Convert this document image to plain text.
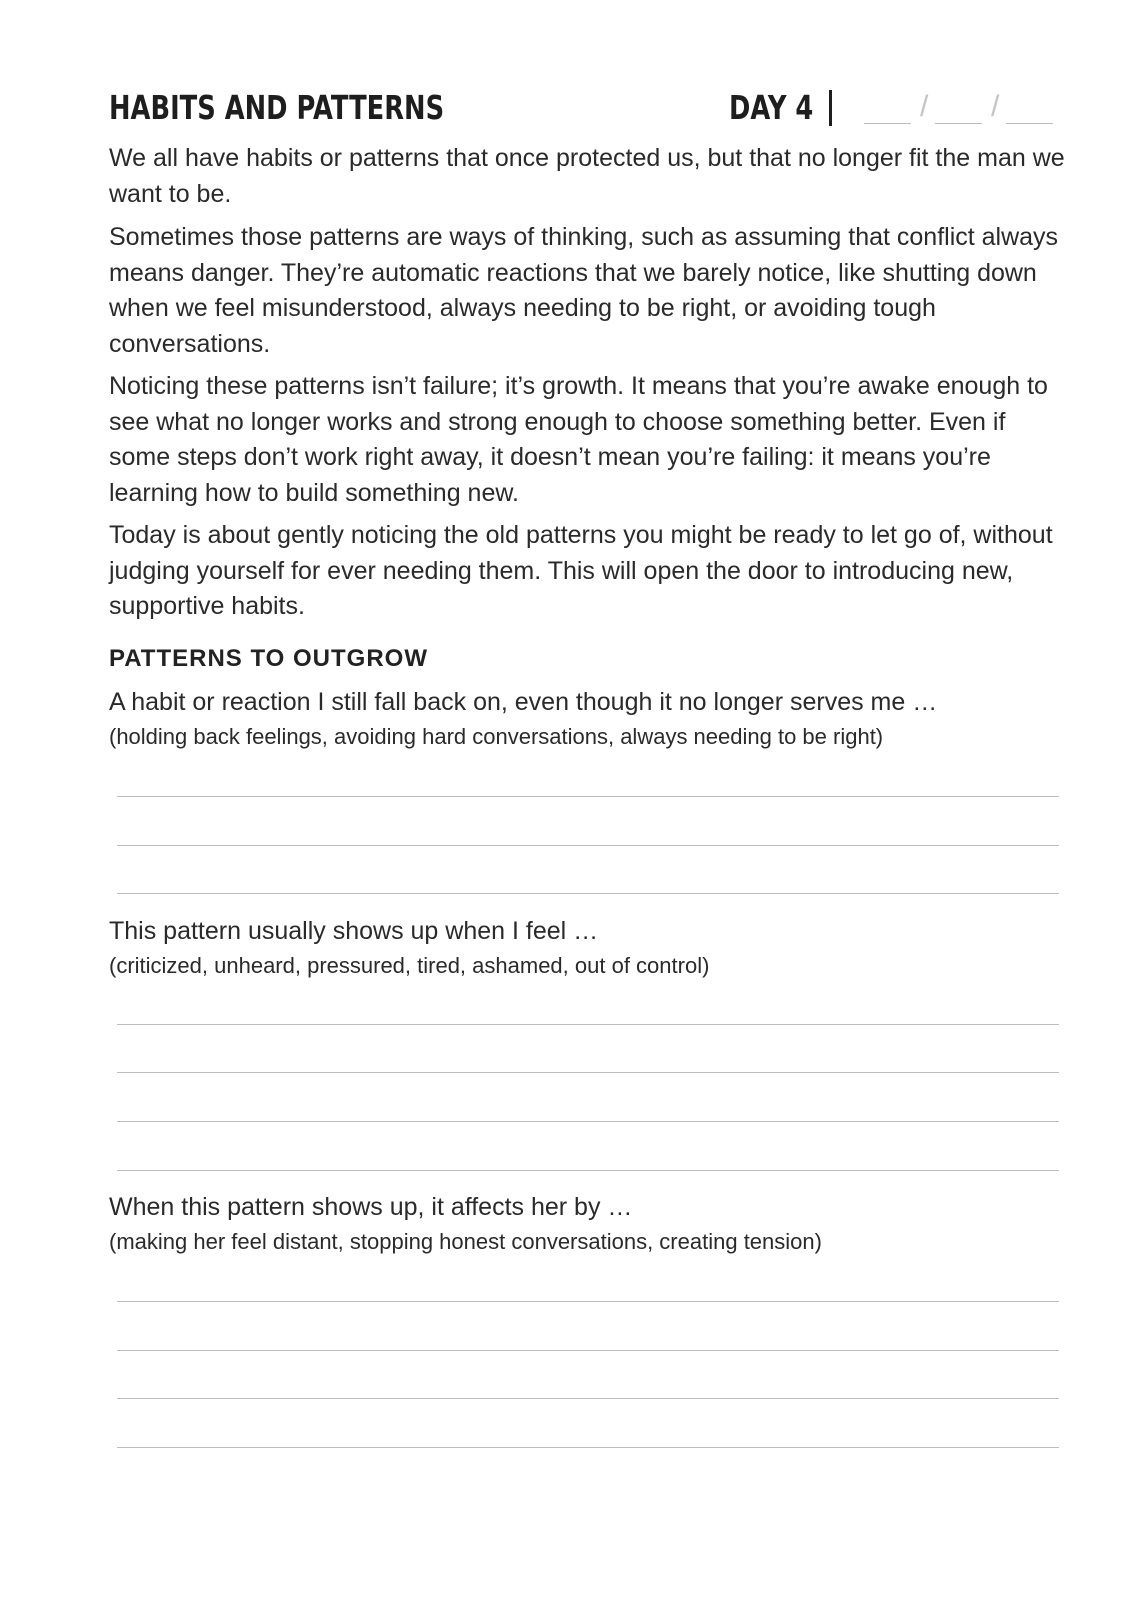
HABITS AND PATTERNS	DAY 4	/ /

We all have habits or patterns that once protected us, but that no longer fit the man we want to be.

Sometimes those patterns are ways of thinking, such as assuming that conflict always means danger. They’re automatic reactions that we barely notice, like shutting down when we feel misunderstood, always needing to be right, or avoiding tough conversations.

Noticing these patterns isn’t failure; it’s growth. It means that you’re awake enough to see what no longer works and strong enough to choose something better. Even if some steps don’t work right away, it doesn’t mean you’re failing: it means you’re learning how to build something new.

Today is about gently noticing the old patterns you might be ready to let go of, without judging yourself for ever needing them. This will open the door to introducing new, supportive habits.

PATTERNS TO OUTGROW

A habit or reaction I still fall back on, even though it no longer serves me …

(holding back feelings, avoiding hard conversations, always needing to be right)

This pattern usually shows up when I feel …

(criticized, unheard, pressured, tired, ashamed, out of control)

When this pattern shows up, it affects her by …

(making her feel distant, stopping honest conversations, creating tension)
